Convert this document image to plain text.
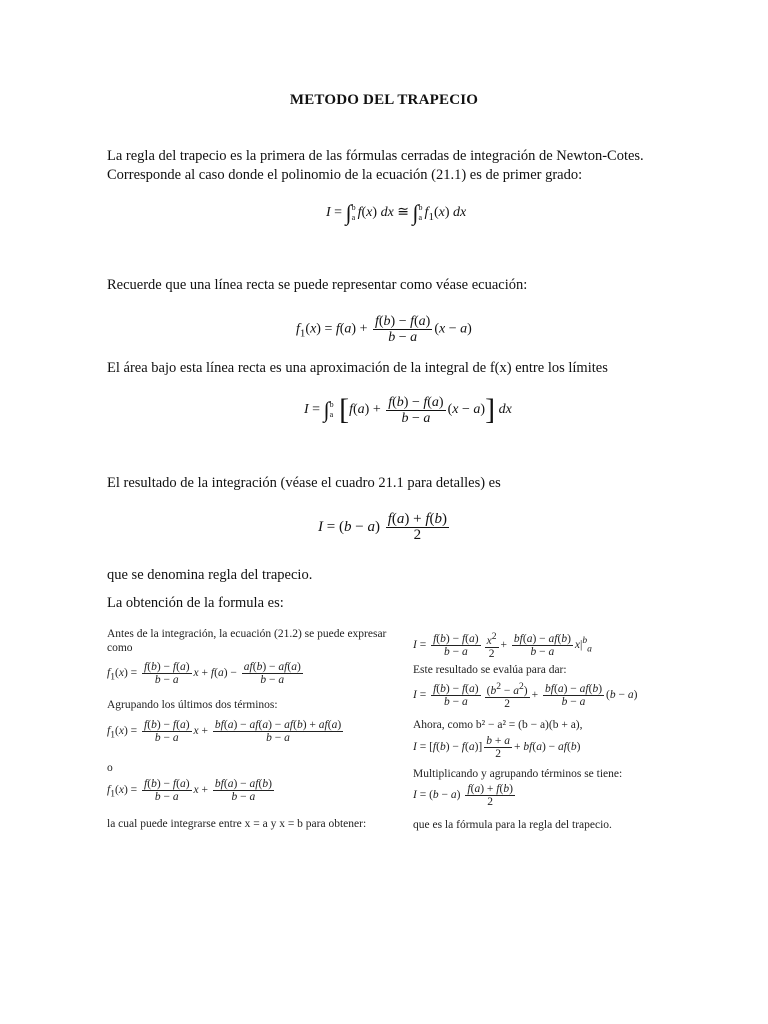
METODO DEL TRAPECIO
La regla del trapecio es la primera de las fórmulas cerradas de integración de Newton-Cotes.
Corresponde al caso donde el polinomio de la ecuación (21.1) es de primer grado:
I = ∫ b
a f(x) dx ≅ ∫ b
a $f_1(x)$ dx
Recuerde que una línea recta se puede representar como véase ecuación:
$f_1(x) = f(a) + \frac{f(b) - f(a)}{b - a} (x - a)$
El área bajo esta línea recta es una aproximación de la integral de f(x) entre los límites
I = ∫ b
a $[f(a) + \frac{f(b) - f(a)}{b - a} (x - a)]$ dx
El resultado de la integración (véase el cuadro 21.1 para detalles) es
$I = (b - a) \frac{f(a) + f(b)}{2}$
que se denomina regla del trapecio.
La obtención de la formula es:
Antes de la integración, la ecuación (21.2) se puede expresar
como
$f_1(x) = \frac{f(b) - f(a)}{b - a}$ $x + f(a) - \frac{af(b) - af(a)}{b - a}$
Agrupando los últimos dos términos:
$f_1(x) = \frac{f(b) - f(a)}{b - a}$ $x + \frac{bf(a) - af(a) - af(b) + af(a)}{b - a}$
o
$f_1(x) = \frac{f(b) - f(a)}{b - a}$ $x + \frac{bf(a) - af(b)}{b - a}$
la cual puede integrarse entre x = a y x = b para obtener:
$I = \frac{f(b) - f(a)}{b - a} \frac{x^2}{2} + \frac{bf(a) - af(b)}{b - a} x|^b_a$
Este resultado se evalúa para dar:
$I = \frac{f(b) - f(a)}{b - a} \frac{(b^2 - a^2)}{2} + \frac{bf(a) - af(b)}{b - a} (b - a)$
Ahora, como b² − a² = (b − a)(b + a),
$I = [f(b) - f(a)] \frac{b + a}{2} + bf(a) - af(b)$
Multiplicando y agrupando términos se tiene:
$I = (b - a) \frac{f(a) + f(b)}{2}$
que es la fórmula para la regla del trapecio.
